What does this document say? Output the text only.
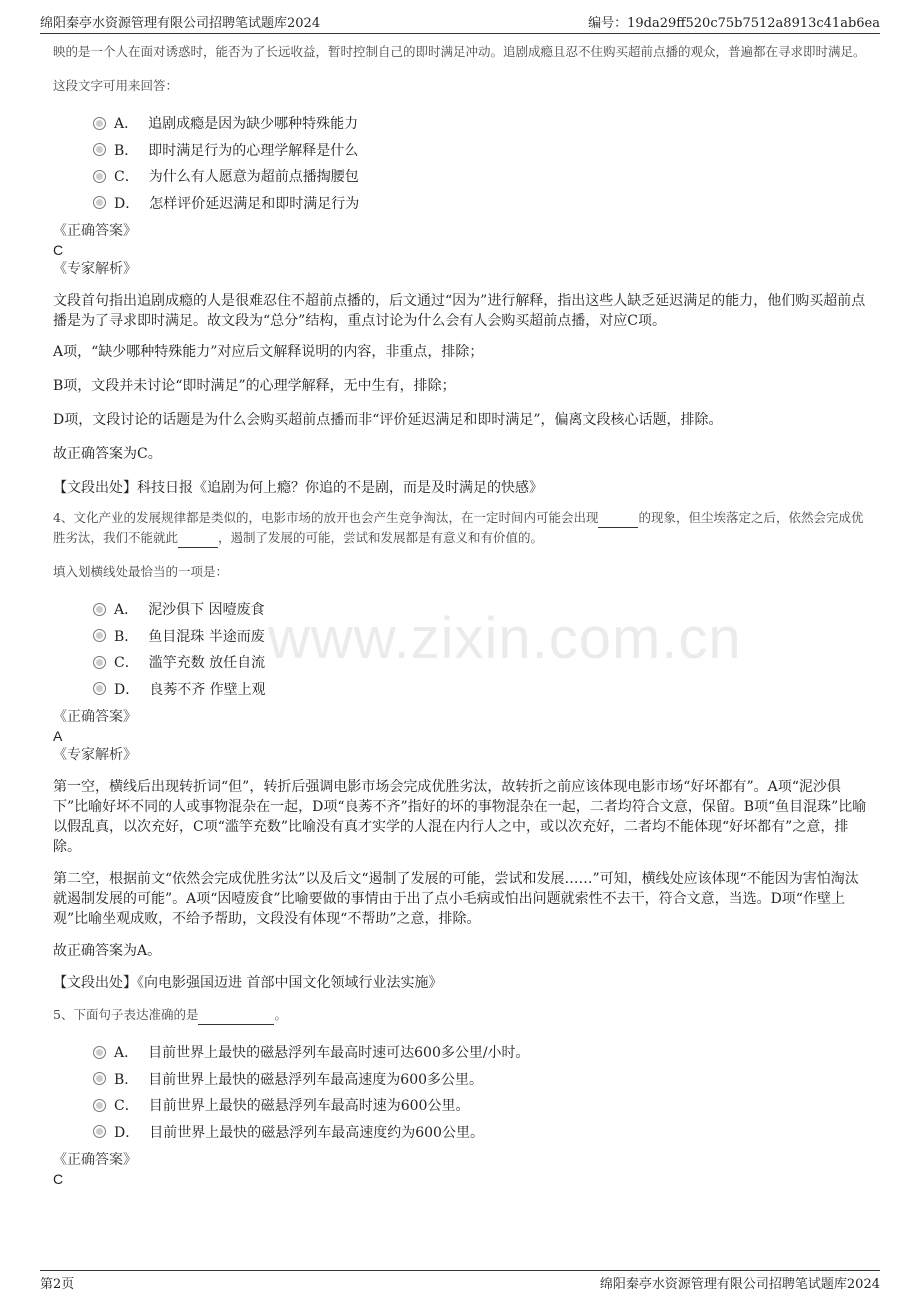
绵阳秦亭水资源管理有限公司招聘笔试题库2024	编号：19da29ff520c75b7512a8913c41ab6ea
www.zixin.com.cn

映的是一个人在面对诱惑时，能否为了长远收益，暂时控制自己的即时满足冲动。追剧成瘾且忍不住购买超前点播的观众，普遍都在寻求即时满足。

这段文字可用来回答：

A． 追剧成瘾是因为缺少哪种特殊能力
B． 即时满足行为的心理学解释是什么
C． 为什么有人愿意为超前点播掏腰包
D． 怎样评价延迟满足和即时满足行为

《正确答案》

C

《专家解析》

文段首句指出追剧成瘾的人是很难忍住不超前点播的，后文通过“因为”进行解释，指出这些人缺乏延迟满足的能力，他们购买超前点播是为了寻求即时满足。故文段为“总分”结构，重点讨论为什么会有人会购买超前点播，对应C项。

A项，“缺少哪种特殊能力”对应后文解释说明的内容，非重点，排除；

B项，文段并未讨论“即时满足”的心理学解释，无中生有，排除；

D项，文段讨论的话题是为什么会购买超前点播而非“评价延迟满足和即时满足”，偏离文段核心话题，排除。

故正确答案为C。

【文段出处】科技日报《追剧为何上瘾？你追的不是剧，而是及时满足的快感》

4、文化产业的发展规律都是类似的，电影市场的放开也会产生竞争淘汰，在一定时间内可能会出现	的现象，但尘埃落定之后，依然会完成优胜劣汰，我们不能就此	，遏制了发展的可能，尝试和发展都是有意义和有价值的。

填入划横线处最恰当的一项是：

A． 泥沙俱下 因噎废食
B． 鱼目混珠 半途而废
C． 滥竽充数 放任自流
D． 良莠不齐 作壁上观

《正确答案》

A

《专家解析》

第一空，横线后出现转折词“但”，转折后强调电影市场会完成优胜劣汰，故转折之前应该体现电影市场“好坏都有”。A项“泥沙俱下”比喻好坏不同的人或事物混杂在一起，D项“良莠不齐”指好的坏的事物混杂在一起，二者均符合文意，保留。B项“鱼目混珠”比喻以假乱真，以次充好，C项“滥竽充数”比喻没有真才实学的人混在内行人之中，或以次充好，二者均不能体现“好坏都有”之意，排除。

第二空，根据前文“依然会完成优胜劣汰”以及后文“遏制了发展的可能，尝试和发展……”可知，横线处应该体现“不能因为害怕淘汰就遏制发展的可能”。A项“因噎废食”比喻要做的事情由于出了点小毛病或怕出问题就索性不去干，符合文意，当选。D项“作壁上观”比喻坐观成败，不给予帮助，文段没有体现“不帮助”之意，排除。

故正确答案为A。

【文段出处】《向电影强国迈进 首部中国文化领域行业法实施》

5、下面句子表达准确的是	。

A． 目前世界上最快的磁悬浮列车最高时速可达600多公里/小时。
B． 目前世界上最快的磁悬浮列车最高速度为600多公里。
C． 目前世界上最快的磁悬浮列车最高时速为600公里。
D． 目前世界上最快的磁悬浮列车最高速度约为600公里。

《正确答案》

C

第2页	绵阳秦亭水资源管理有限公司招聘笔试题库2024
